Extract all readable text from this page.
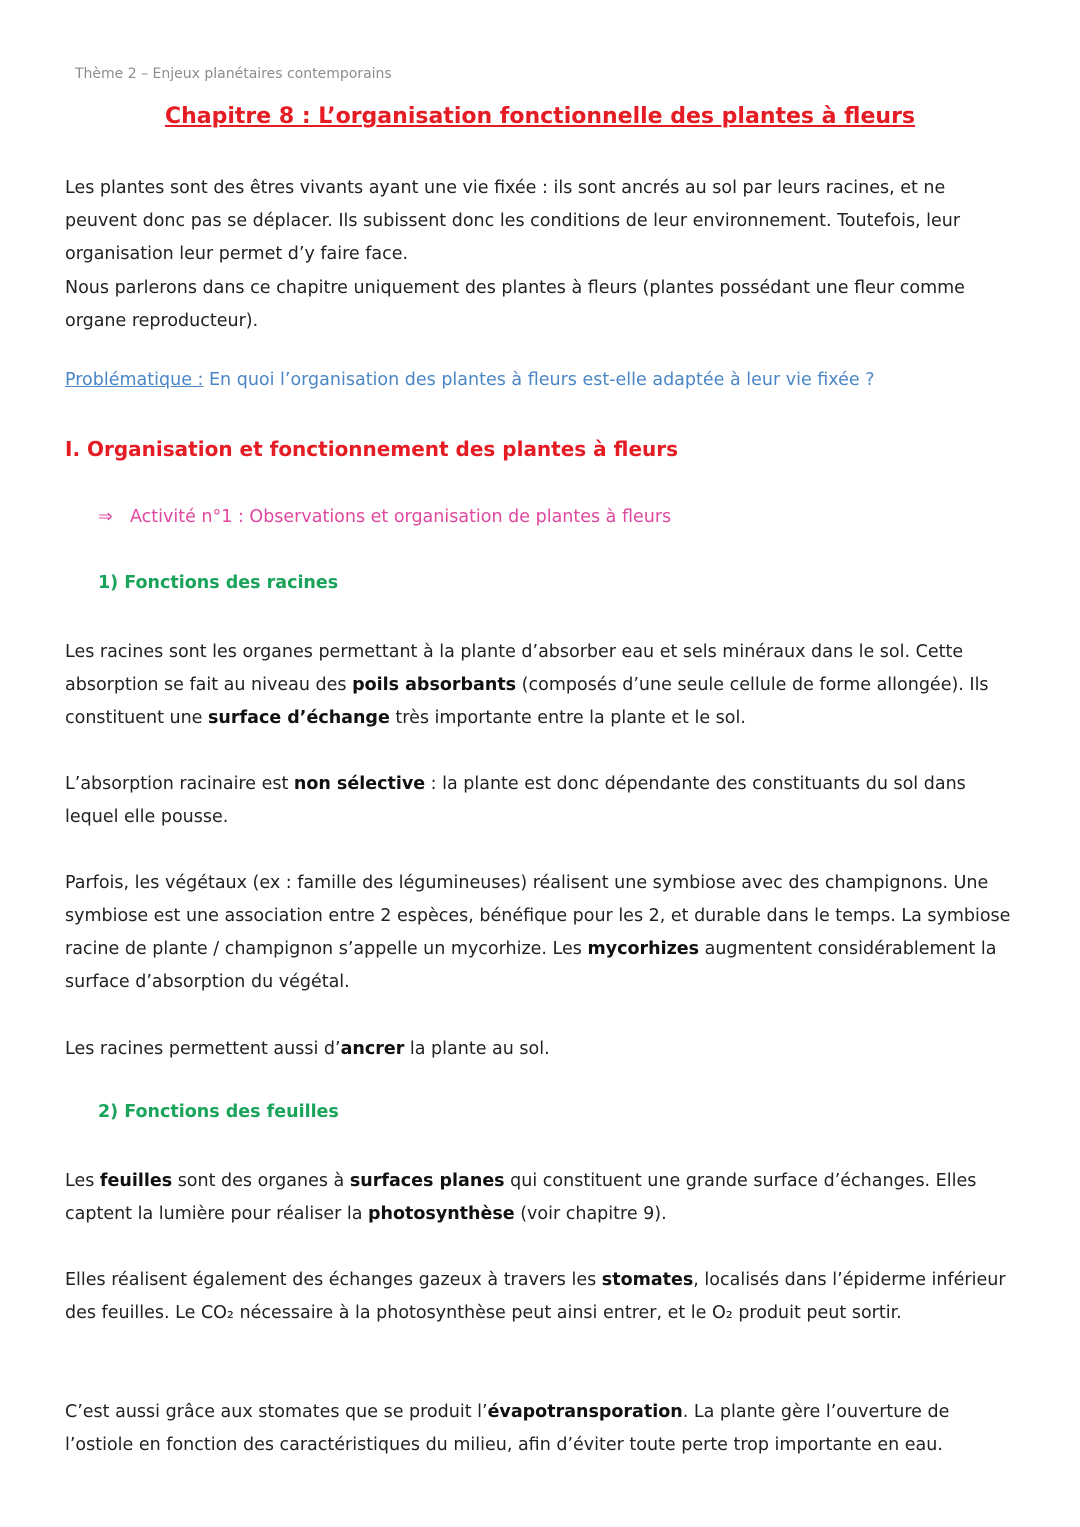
Thème 2 – Enjeux planétaires contemporains
Chapitre 8 : L’organisation fonctionnelle des plantes à fleurs

Les plantes sont des êtres vivants ayant une vie fixée : ils sont ancrés au sol par leurs racines, et ne peuvent donc pas se déplacer. Ils subissent donc les conditions de leur environnement. Toutefois, leur organisation leur permet d’y faire face.

Nous parlerons dans ce chapitre uniquement des plantes à fleurs (plantes possédant une fleur comme organe reproducteur).

Problématique : En quoi l’organisation des plantes à fleurs est-elle adaptée à leur vie fixée ?
I. Organisation et fonctionnement des plantes à fleurs
⇒ Activité n°1 : Observations et organisation de plantes à fleurs
1) Fonctions des racines

Les racines sont les organes permettant à la plante d’absorber eau et sels minéraux dans le sol. Cette absorption se fait au niveau des poils absorbants (composés d’une seule cellule de forme allongée). Ils constituent une surface d’échange très importante entre la plante et le sol.

L’absorption racinaire est non sélective : la plante est donc dépendante des constituants du sol dans lequel elle pousse.

Parfois, les végétaux (ex : famille des légumineuses) réalisent une symbiose avec des champignons. Une symbiose est une association entre 2 espèces, bénéfique pour les 2, et durable dans le temps. La symbiose racine de plante / champignon s’appelle un mycorhize. Les mycorhizes augmentent considérablement la surface d’absorption du végétal.

Les racines permettent aussi d’ancrer la plante au sol.

2) Fonctions des feuilles

Les feuilles sont des organes à surfaces planes qui constituent une grande surface d’échanges. Elles captent la lumière pour réaliser la photosynthèse (voir chapitre 9).

Elles réalisent également des échanges gazeux à travers les stomates, localisés dans l’épiderme inférieur des feuilles. Le CO₂ nécessaire à la photosynthèse peut ainsi entrer, et le O₂ produit peut sortir.

C’est aussi grâce aux stomates que se produit l’évapotransporation. La plante gère l’ouverture de l’ostiole en fonction des caractéristiques du milieu, afin d’éviter toute perte trop importante en eau.
